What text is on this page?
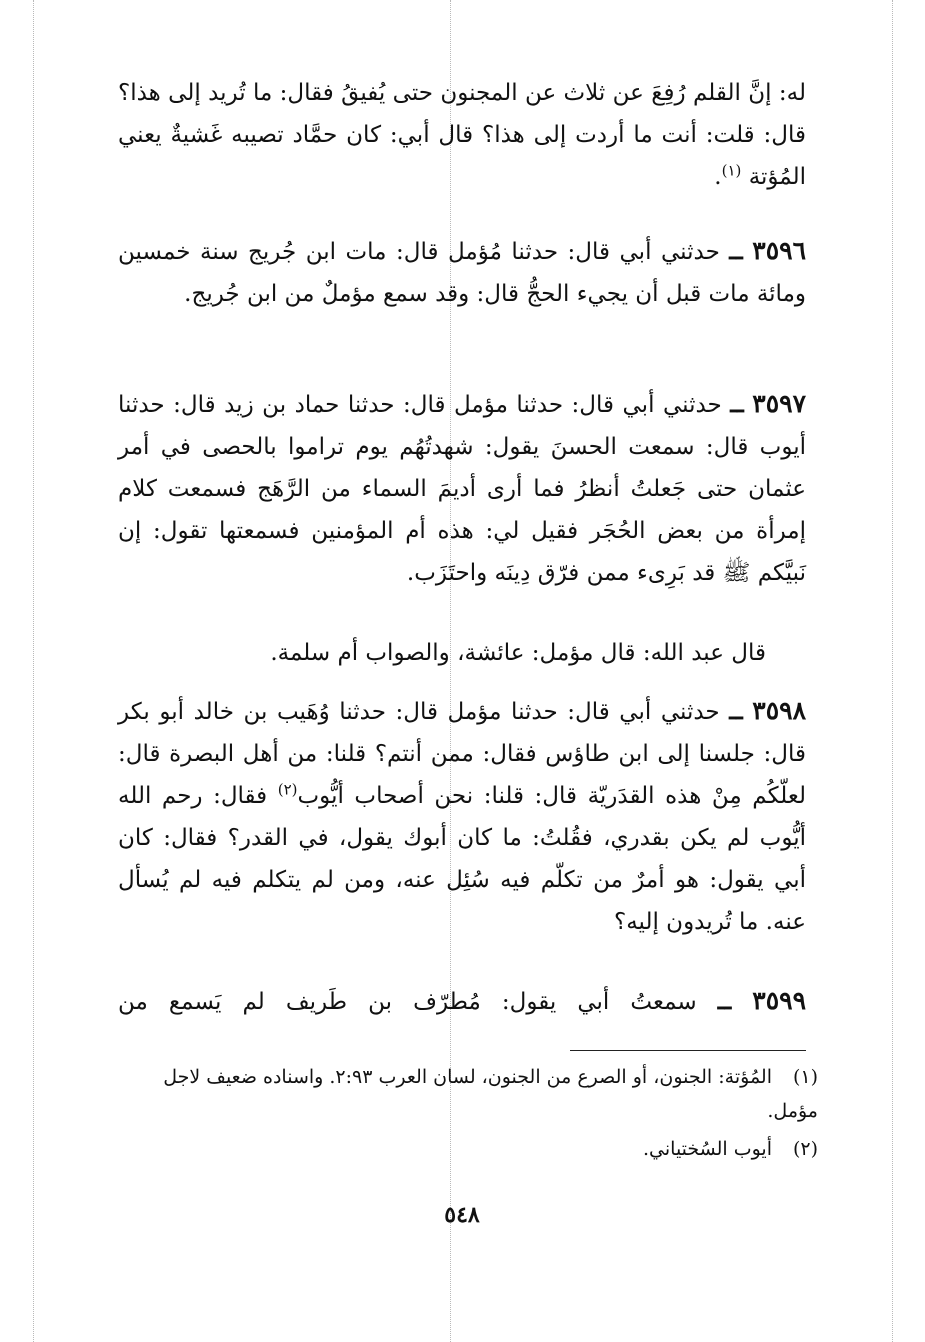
له: إنَّ القلم رُفِعَ عن ثلاث عن المجنون حتى يُفيقُ فقال: ما تُريد إلى هذا؟ قال: قلت: أنت ما أردت إلى هذا؟ قال أبي: كان حمَّاد تصيبه غَشيةٌ يعني المُؤتة $^{(١)}$.

٣٥٩٦ ــ حدثني أبي قال: حدثنا مُؤمل قال: مات ابن جُريج سنة خمسين ومائة مات قبل أن يجيء الحجُّ قال: وقد سمع مؤملٌ من ابن جُريج.

٣٥٩٧ ــ حدثني أبي قال: حدثنا مؤمل قال: حدثنا حماد بن زيد قال: حدثنا أيوب قال: سمعت الحسنَ يقول: شهدتُهُم يوم تراموا بالحصى في أمر عثمان حتى جَعلتُ أنظرُ فما أرى أديمَ السماء من الرَّهَج فسمعت كلام إمرأة من بعض الحُجَر فقيل لي: هذه أم المؤمنين فسمعتها تقول: إن نَبيَّكم ﷺ قد بَرِىء ممن فرّق دِينَه واحتَزَب.

قال عبد الله: قال مؤمل: عائشة، والصواب أم سلمة.

٣٥٩٨ ــ حدثني أبي قال: حدثنا مؤمل قال: حدثنا وُهَيب بن خالد أبو بكر قال: جلسنا إلى ابن طاؤس فقال: ممن أنتم؟ قلنا: من أهل البصرة قال: لعلّكُم مِنْ هذه القدَريّة قال: قلنا: نحن أصحاب أيُّوب$^{(٢)}$ فقال: رحم الله أيُّوب لم يكن بقدري، فقُلتُ: ما كان أبوك يقول، في القدر؟ فقال: كان أبي يقول: هو أمرٌ من تكلّم فيه سُئِل عنه، ومن لم يتكلم فيه لم يُسأل عنه. ما تُريدون إليه؟

٣٥٩٩ ــ سمعتُ أبي يقول: مُطرّف بن طَريف لم يَسمع من

(١)المُؤتة: الجنون، أو الصرع من الجنون، لسان العرب ٢:٩٣. واسناده ضعيف لاجل مؤمل.
(٢)أيوب السُختياني.
٥٤٨
